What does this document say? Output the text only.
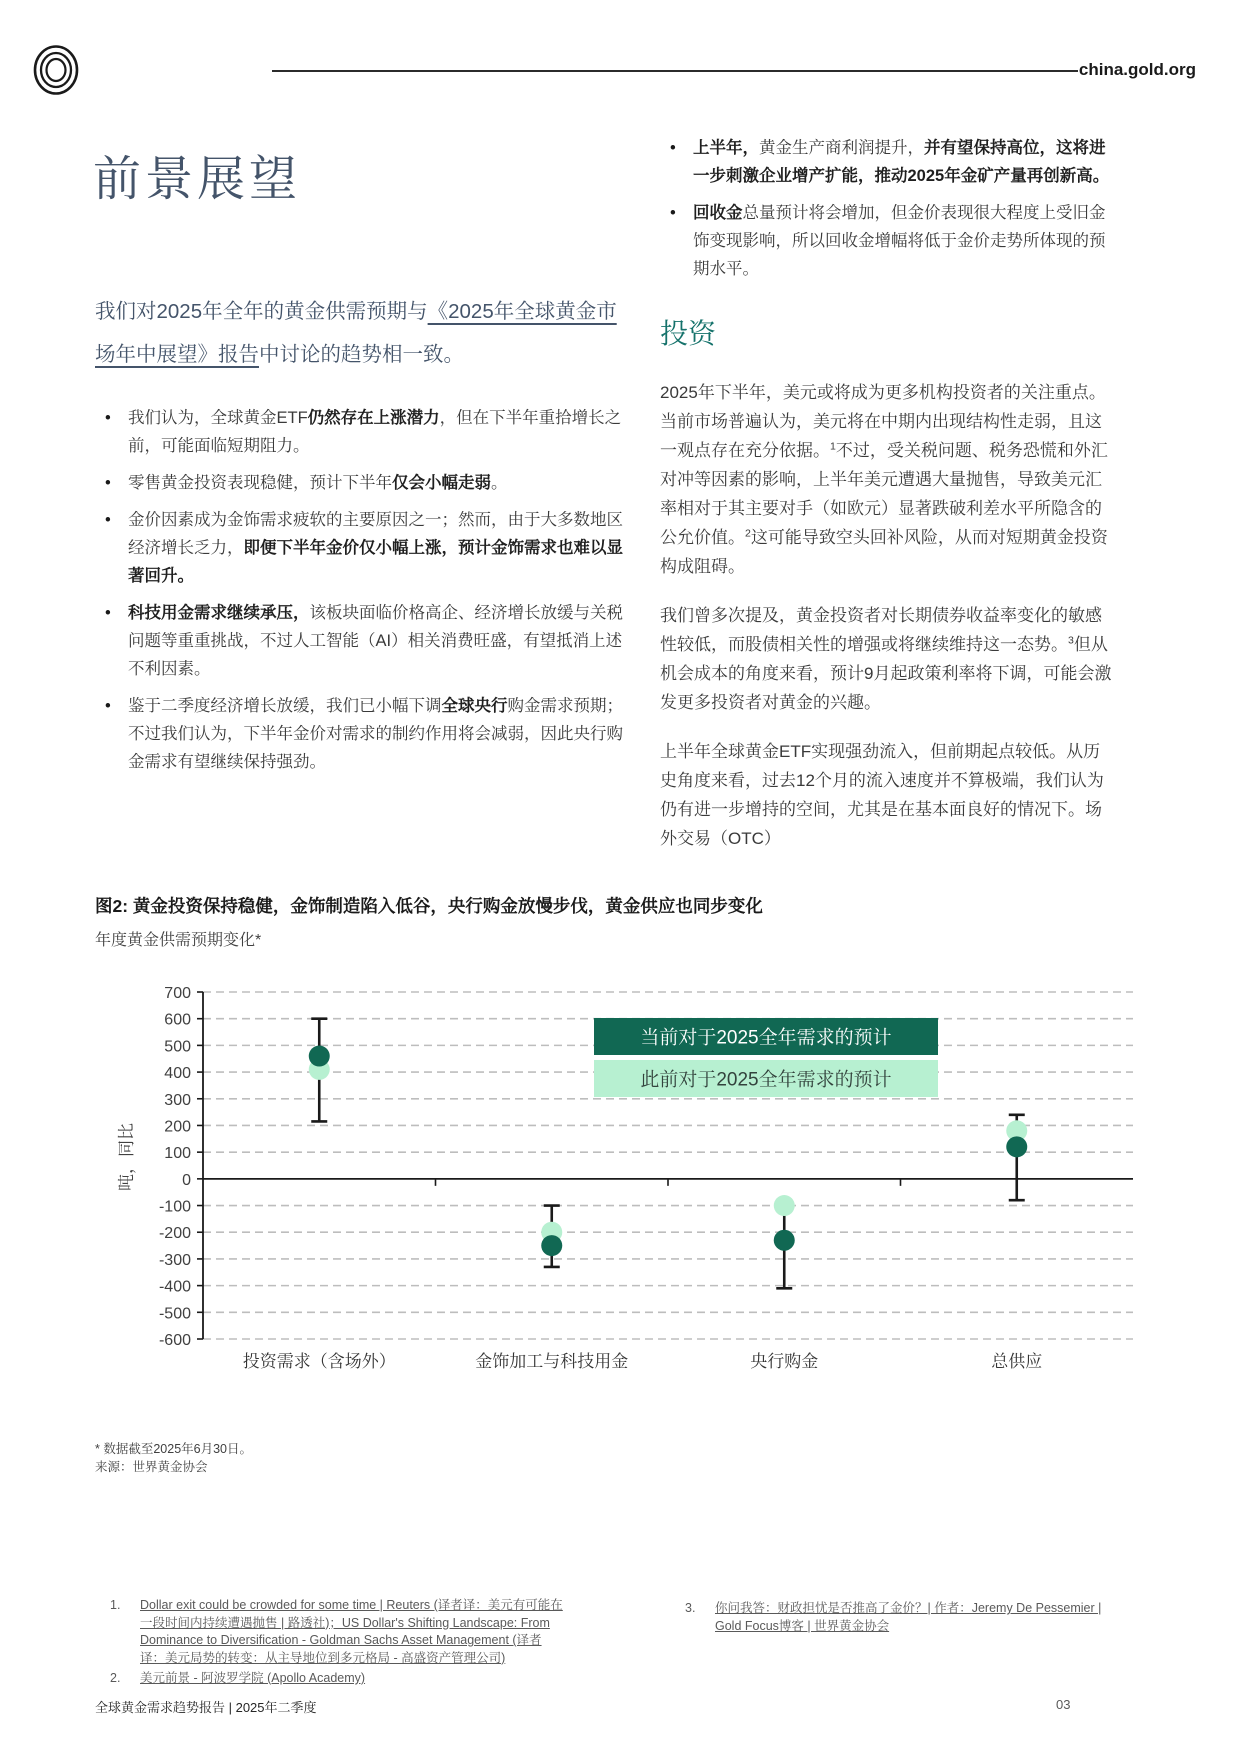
china.gold.org
前景展望

我们对2025年全年的黄金供需预期与《2025年全球黄金市场年中展望》报告中讨论的趋势相一致。

• 我们认为，全球黄金ETF仍然存在上涨潜力，但在下半年重拾增长之前，可能面临短期阻力。
• 零售黄金投资表现稳健，预计下半年仅会小幅走弱。
• 金价因素成为金饰需求疲软的主要原因之一；然而，由于大多数地区经济增长乏力，即便下半年金价仅小幅上涨，预计金饰需求也难以显著回升。
• 科技用金需求继续承压，该板块面临价格高企、经济增长放缓与关税问题等重重挑战，不过人工智能（AI）相关消费旺盛，有望抵消上述不利因素。
• 鉴于二季度经济增长放缓，我们已小幅下调全球央行购金需求预期；不过我们认为，下半年金价对需求的制约作用将会减弱，因此央行购金需求有望继续保持强劲。
• 上半年，黄金生产商利润提升，并有望保持高位，这将进一步刺激企业增产扩能，推动2025年金矿产量再创新高。
• 回收金总量预计将会增加，但金价表现很大程度上受旧金饰变现影响，所以回收金增幅将低于金价走势所体现的预期水平。
投资

2025年下半年，美元或将成为更多机构投资者的关注重点。当前市场普遍认为，美元将在中期内出现结构性走弱，且这一观点存在充分依据。$^1$不过，受关税问题、税务恐慌和外汇对冲等因素的影响，上半年美元遭遇大量抛售，导致美元汇率相对于其主要对手（如欧元）显著跌破利差水平所隐含的公允价值。$^2$这可能导致空头回补风险，从而对短期黄金投资构成阻碍。

我们曾多次提及，黄金投资者对长期债券收益率变化的敏感性较低，而股债相关性的增强或将继续维持这一态势。$^3$但从机会成本的角度来看，预计9月起政策利率将下调，可能会激发更多投资者对黄金的兴趣。

上半年全球黄金ETF实现强劲流入，但前期起点较低。从历史角度来看，过去12个月的流入速度并不算极端，我们认为仍有进一步增持的空间，尤其是在基本面良好的情况下。场外交易（OTC）

图2: 黄金投资保持稳健，金饰制造陷入低谷，央行购金放慢步伐，黄金供应也同步变化
年度黄金供需预期变化*
-600
-500
-400
-300
-200
-100
0
100
200
300
400
500
600
700
吨，同比
投资需求（含场外）	金饰加工与科技用金	央行购金	总供应
当前对于2025全年需求的预计
此前对于2025全年需求的预计
* 数据截至2025年6月30日。
来源：世界黄金协会
1.	Dollar exit could be crowded for some time | Reuters (译者译：美元有可能在一段时间内持续遭遇抛售 | 路透社)；US Dollar's Shifting Landscape: From Dominance to Diversification - Goldman Sachs Asset Management (译者译：美元局势的转变：从主导地位到多元格局 - 高盛资产管理公司)
2.	美元前景 - 阿波罗学院 (Apollo Academy)
3.	你问我答：财政担忧是否推高了金价？| 作者：Jeremy De Pessemier | Gold Focus博客 | 世界黄金协会
全球黄金需求趋势报告 | 2025年二季度	03
